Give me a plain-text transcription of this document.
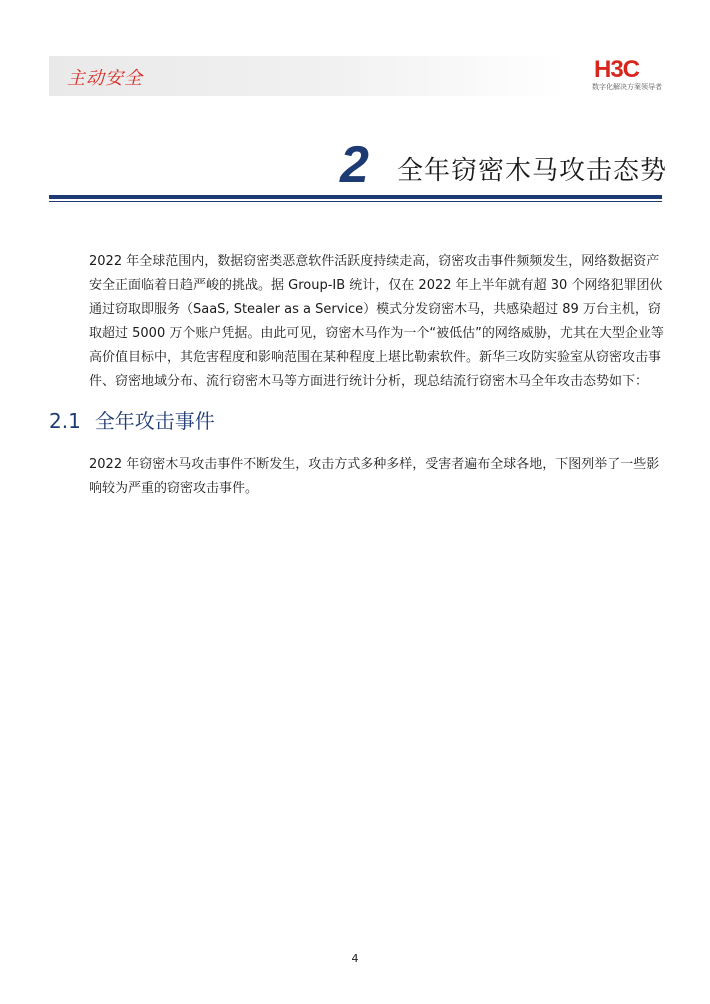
主动安全	H3C
数字化解决方案领导者
2 全年窃密木马攻击态势

2022 年全球范围内，数据窃密类恶意软件活跃度持续走高，窃密攻击事件频频发生，网络数据资产安全正面临着日趋严峻的挑战。据 Group-IB 统计，仅在 2022 年上半年就有超 30 个网络犯罪团伙通过窃取即服务（SaaS, Stealer as a Service）模式分发窃密木马，共感染超过 89 万台主机，窃取超过 5000 万个账户凭据。由此可见，窃密木马作为一个“被低估”的网络威胁，尤其在大型企业等高价值目标中，其危害程度和影响范围在某种程度上堪比勒索软件。新华三攻防实验室从窃密攻击事件、窃密地域分布、流行窃密木马等方面进行统计分析，现总结流行窃密木马全年攻击态势如下：

2.1 全年攻击事件

2022 年窃密木马攻击事件不断发生，攻击方式多种多样，受害者遍布全球各地，下图列举了一些影响较为严重的窃密攻击事件。

4
